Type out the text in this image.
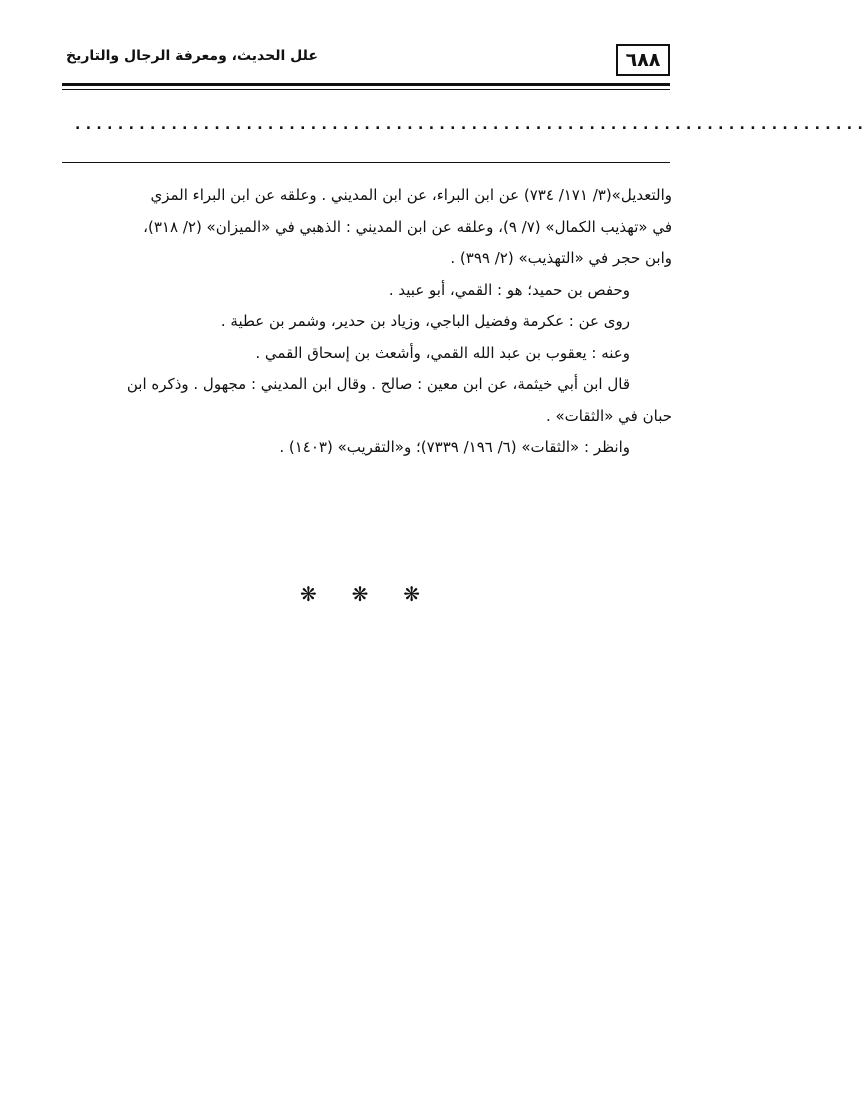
٦٨٨
علل الحديث، ومعرفة الرجال والتاريخ
..........................................................................

والتعديل»(٣/ ١٧١/ ٧٣٤) عن ابن البراء، عن ابن المديني . وعلقه عن ابن البراء المزي
في «تهذيب الكمال» (٧/ ٩)، وعلقه عن ابن المديني : الذهبي في «الميزان» (٢/ ٣١٨)،
وابن حجر في «التهذيب» (٢/ ٣٩٩) .

وحفص بن حميد؛ هو : القمي، أبو عبيد .

روى عن : عكرمة وفضيل الباجي، وزياد بن حدير، وشمر بن عطية .

وعنه : يعقوب بن عبد الله القمي، وأشعث بن إسحاق القمي .

قال ابن أبي خيثمة، عن ابن معين : صالح . وقال ابن المديني : مجهول . وذكره ابن
حبان في «الثقات» .

وانظر : «الثقات» (٦/ ١٩٦/ ٧٣٣٩)؛ و«التقريب» (١٤٠٣) .

❋ ❋ ❋
